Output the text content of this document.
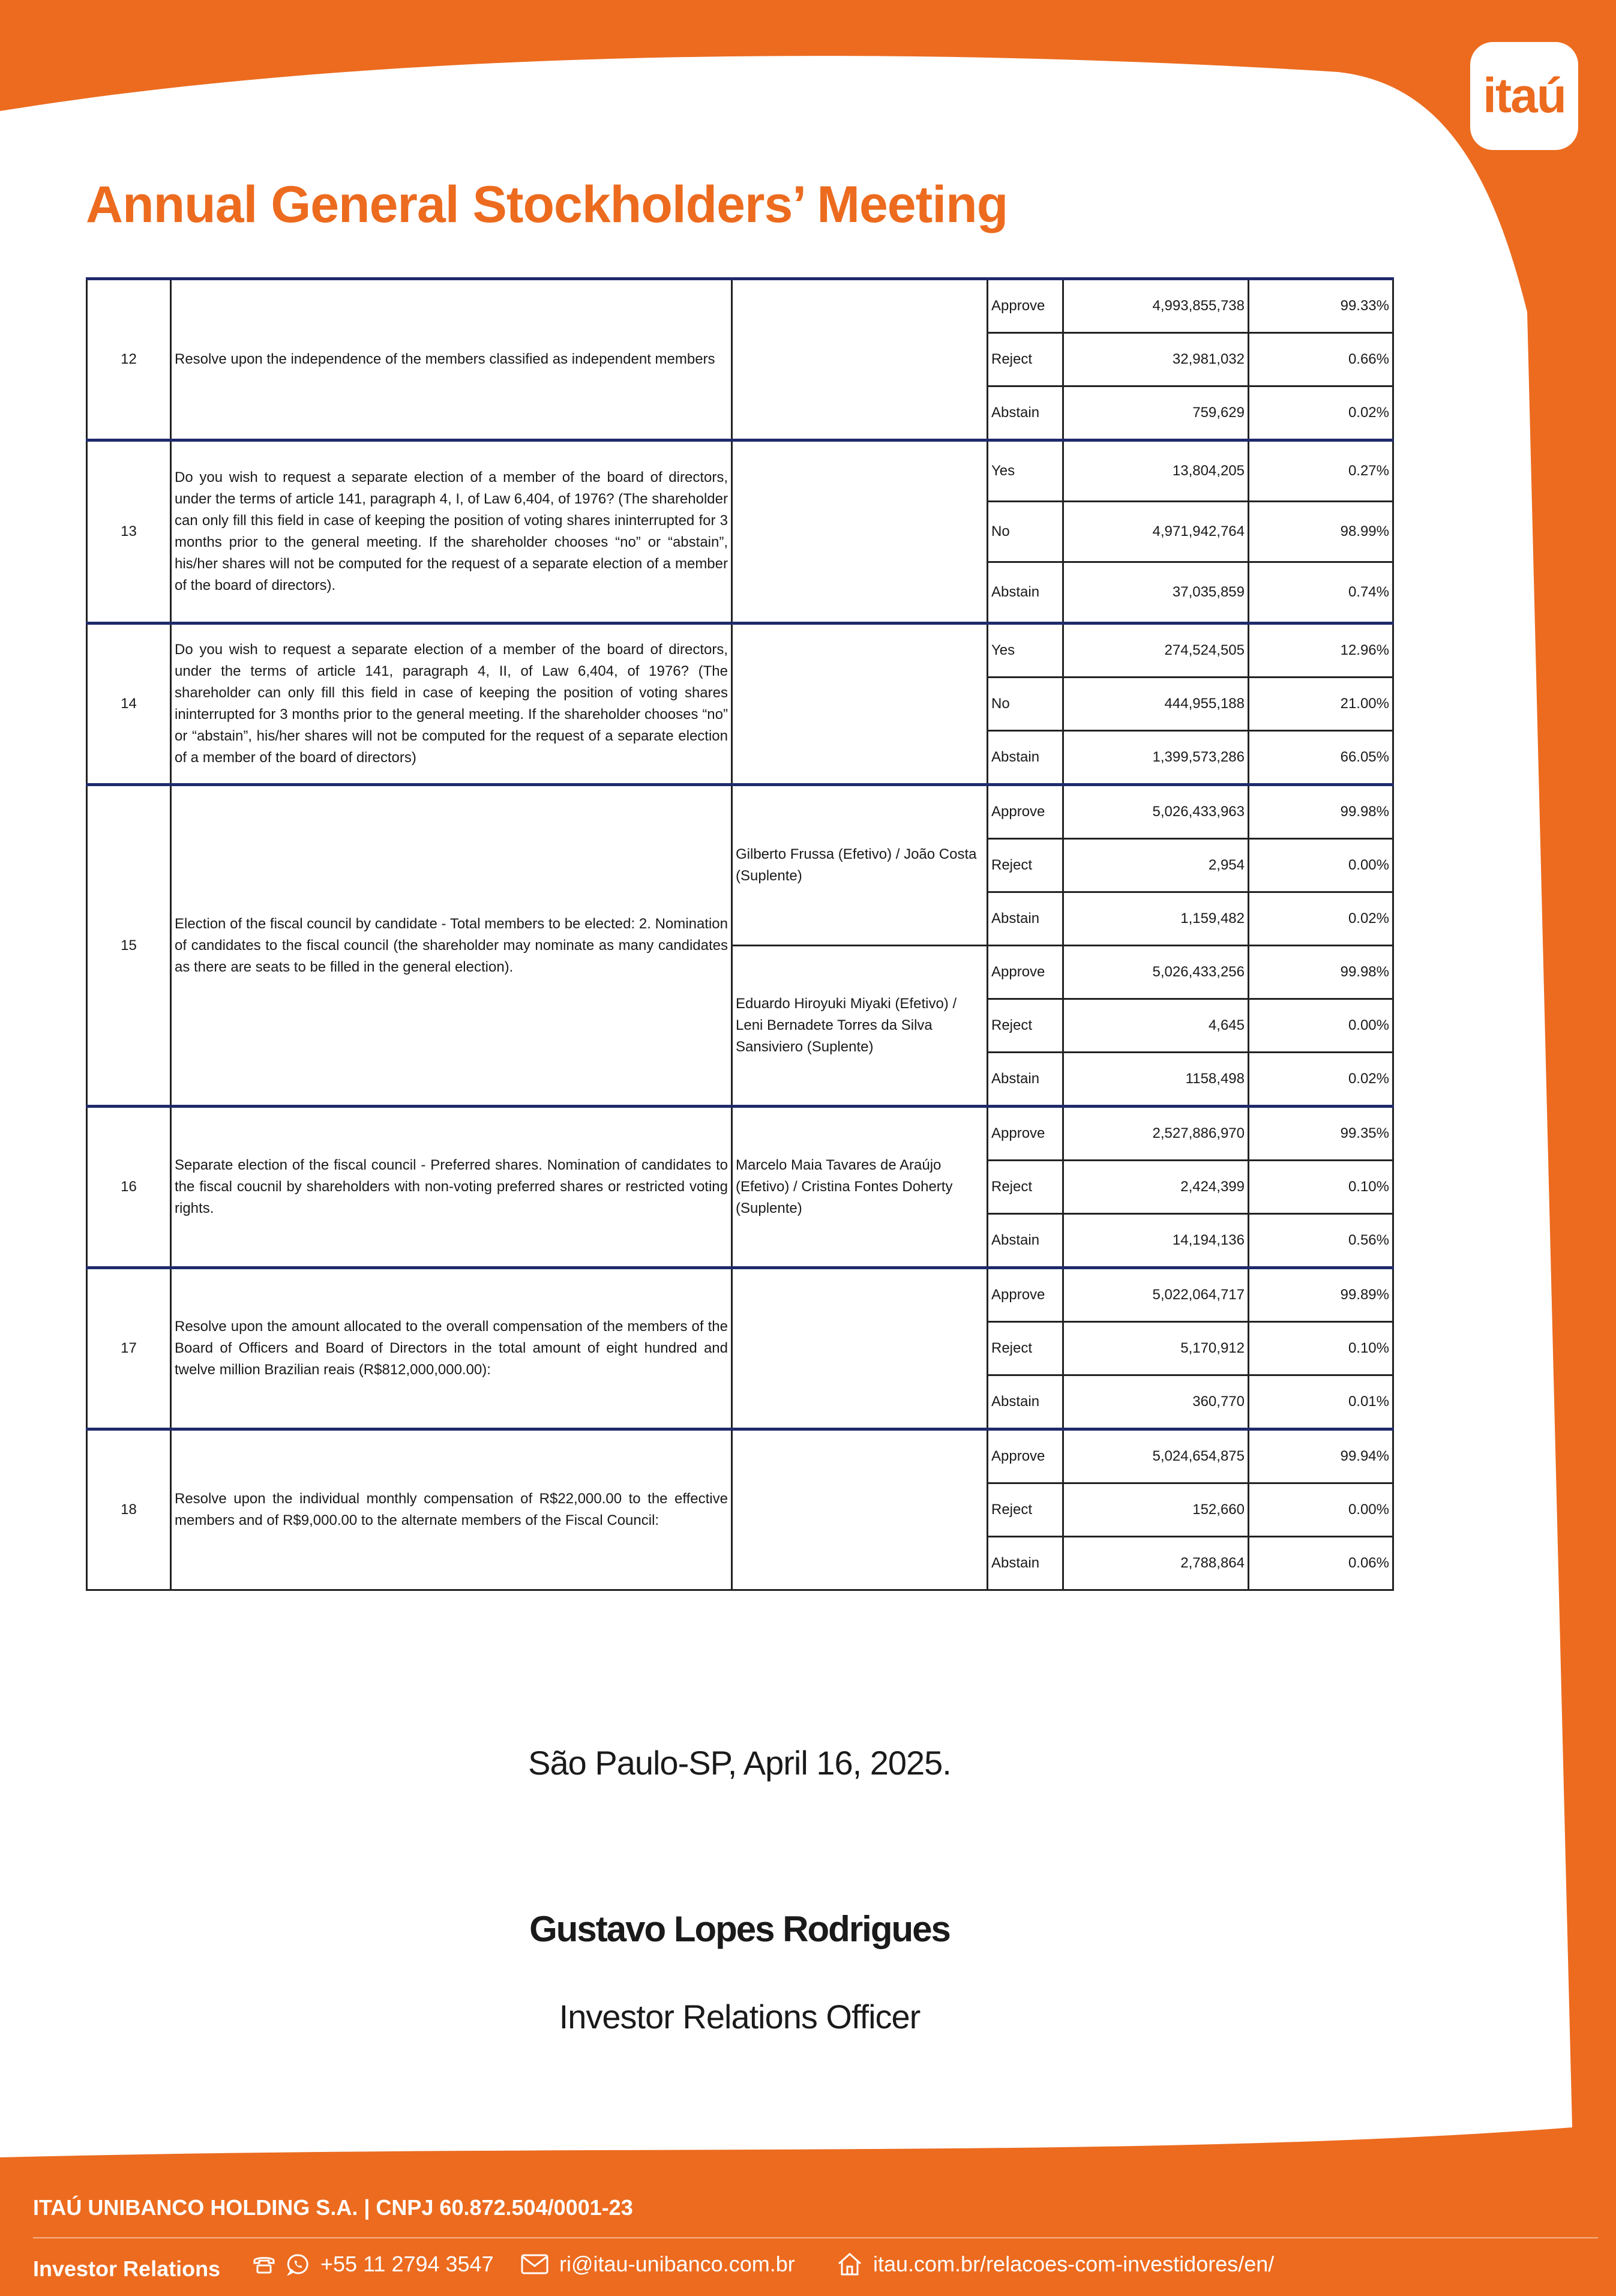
itaú
Annual General Stockholders’ Meeting
12	Resolve upon the independence of the members classified as independent members		Approve	4,993,855,738	99.33%
			Reject	32,981,032	0.66%
			Abstain	759,629	0.02%
13	Do you wish to request a separate election of a member of the board of directors, under the terms of article 141, paragraph 4, I, of Law 6,404, of 1976? (The shareholder can only fill this field in case of keeping the position of voting shares ininterrupted for 3 months prior to the general meeting. If the shareholder chooses “no” or “abstain”, his/her shares will not be computed for the request of a separate election of a member of the board of directors).		Yes	13,804,205	0.27%
			No	4,971,942,764	98.99%
			Abstain	37,035,859	0.74%
14	Do you wish to request a separate election of a member of the board of directors, under the terms of article 141, paragraph 4, II, of Law 6,404, of 1976? (The shareholder can only fill this field in case of keeping the position of voting shares ininterrupted for 3 months prior to the general meeting. If the shareholder chooses “no” or “abstain”, his/her shares will not be computed for the request of a separate election of a member of the board of directors)		Yes	274,524,505	12.96%
			No	444,955,188	21.00%
			Abstain	1,399,573,286	66.05%
15	Election of the fiscal council by candidate - Total members to be elected: 2. Nomination of candidates to the fiscal council (the shareholder may nominate as many candidates as there are seats to be filled in the general election).	Gilberto Frussa (Efetivo) / João Costa (Suplente)	Approve	5,026,433,963	99.98%
			Reject	2,954	0.00%
			Abstain	1,159,482	0.02%
		Eduardo Hiroyuki Miyaki (Efetivo) / Leni Bernadete Torres da Silva Sansiviero (Suplente)	Approve	5,026,433,256	99.98%
			Reject	4,645	0.00%
			Abstain	1158,498	0.02%
16	Separate election of the fiscal council - Preferred shares. Nomination of candidates to the fiscal coucnil by shareholders with non-voting preferred shares or restricted voting rights.	Marcelo Maia Tavares de Araújo (Efetivo) / Cristina Fontes Doherty (Suplente)	Approve	2,527,886,970	99.35%
			Reject	2,424,399	0.10%
			Abstain	14,194,136	0.56%
17	Resolve upon the amount allocated to the overall compensation of the members of the Board of Officers and Board of Directors in the total amount of eight hundred and twelve million Brazilian reais (R$812,000,000.00):		Approve	5,022,064,717	99.89%
			Reject	5,170,912	0.10%
			Abstain	360,770	0.01%
18	Resolve upon the individual monthly compensation of R$22,000.00 to the effective members and of R$9,000.00 to the alternate members of the Fiscal Council:		Approve	5,024,654,875	99.94%
			Reject	152,660	0.00%
			Abstain	2,788,864	0.06%
São Paulo-SP, April 16, 2025.
Gustavo Lopes Rodrigues
Investor Relations Officer
ITAÚ UNIBANCO HOLDING S.A. | CNPJ 60.872.504/0001-23
Investor Relations	+55 11 2794 3547	ri@itau-unibanco.com.br	itau.com.br/relacoes-com-investidores/en/
